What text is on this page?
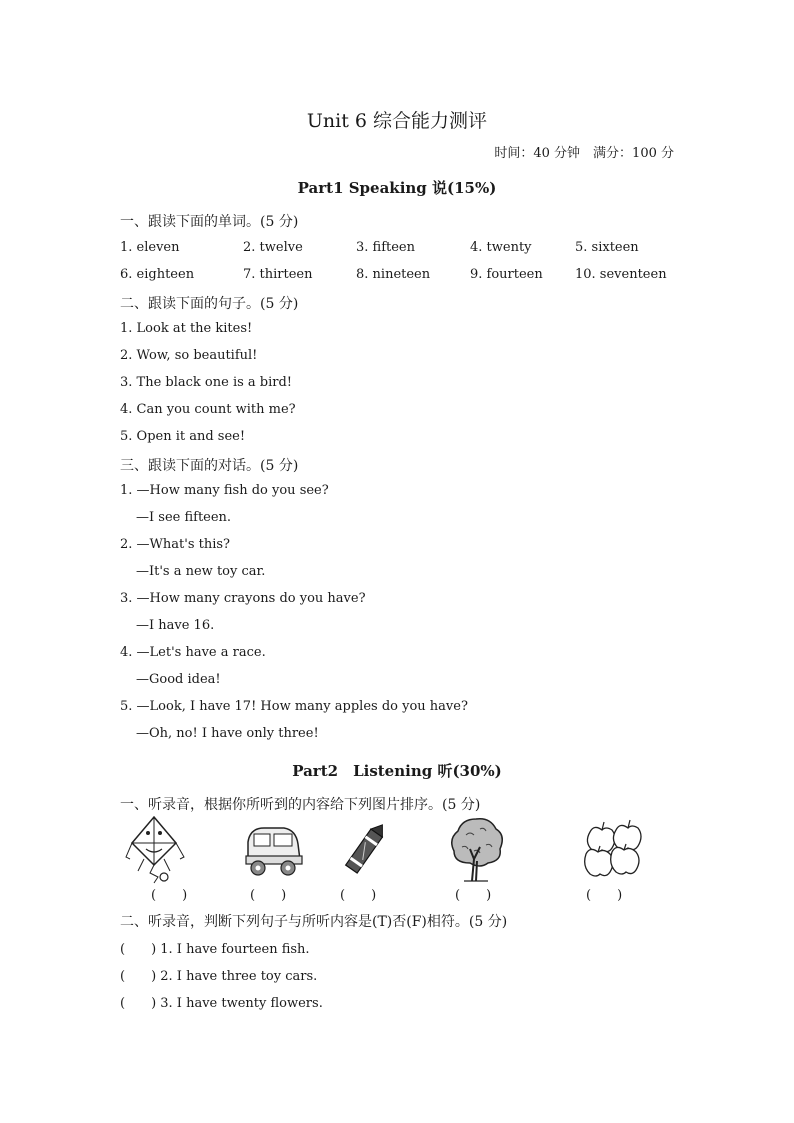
Unit 6 综合能力测评
时间：40 分钟　满分：100 分
Part1 Speaking 说(15%)
一、跟读下面的单词。(5 分)
1. eleven	2. twelve	3. fifteen	4. twenty	5. sixteen
6. eighteen	7. thirteen	8. nineteen	9. fourteen 10. seventeen
二、跟读下面的句子。(5 分)
1. Look at the kites!
2. Wow, so beautiful!
3. The black one is a bird!
4. Can you count with me?
5. Open it and see!
三、跟读下面的对话。(5 分)
1. —How many fish do you see?
—I see fifteen.
2. —What's this?
—It's a new toy car.
3. —How many crayons do you have?
—I have 16.
4. —Let's have a race.
—Good idea!
5. —Look, I have 17! How many apples do you have?
—Oh, no! I have only three!
Part2　Listening 听(30%)
一、听录音，根据你所听到的内容给下列图片排序。(5 分)
(　　)	(　　)	(　　)	(　　)	(　　)
二、听录音，判断下列句子与所听内容是(T)否(F)相符。(5 分)
(　　) 1. I have fourteen fish.
(　　) 2. I have three toy cars.
(　　) 3. I have twenty flowers.
